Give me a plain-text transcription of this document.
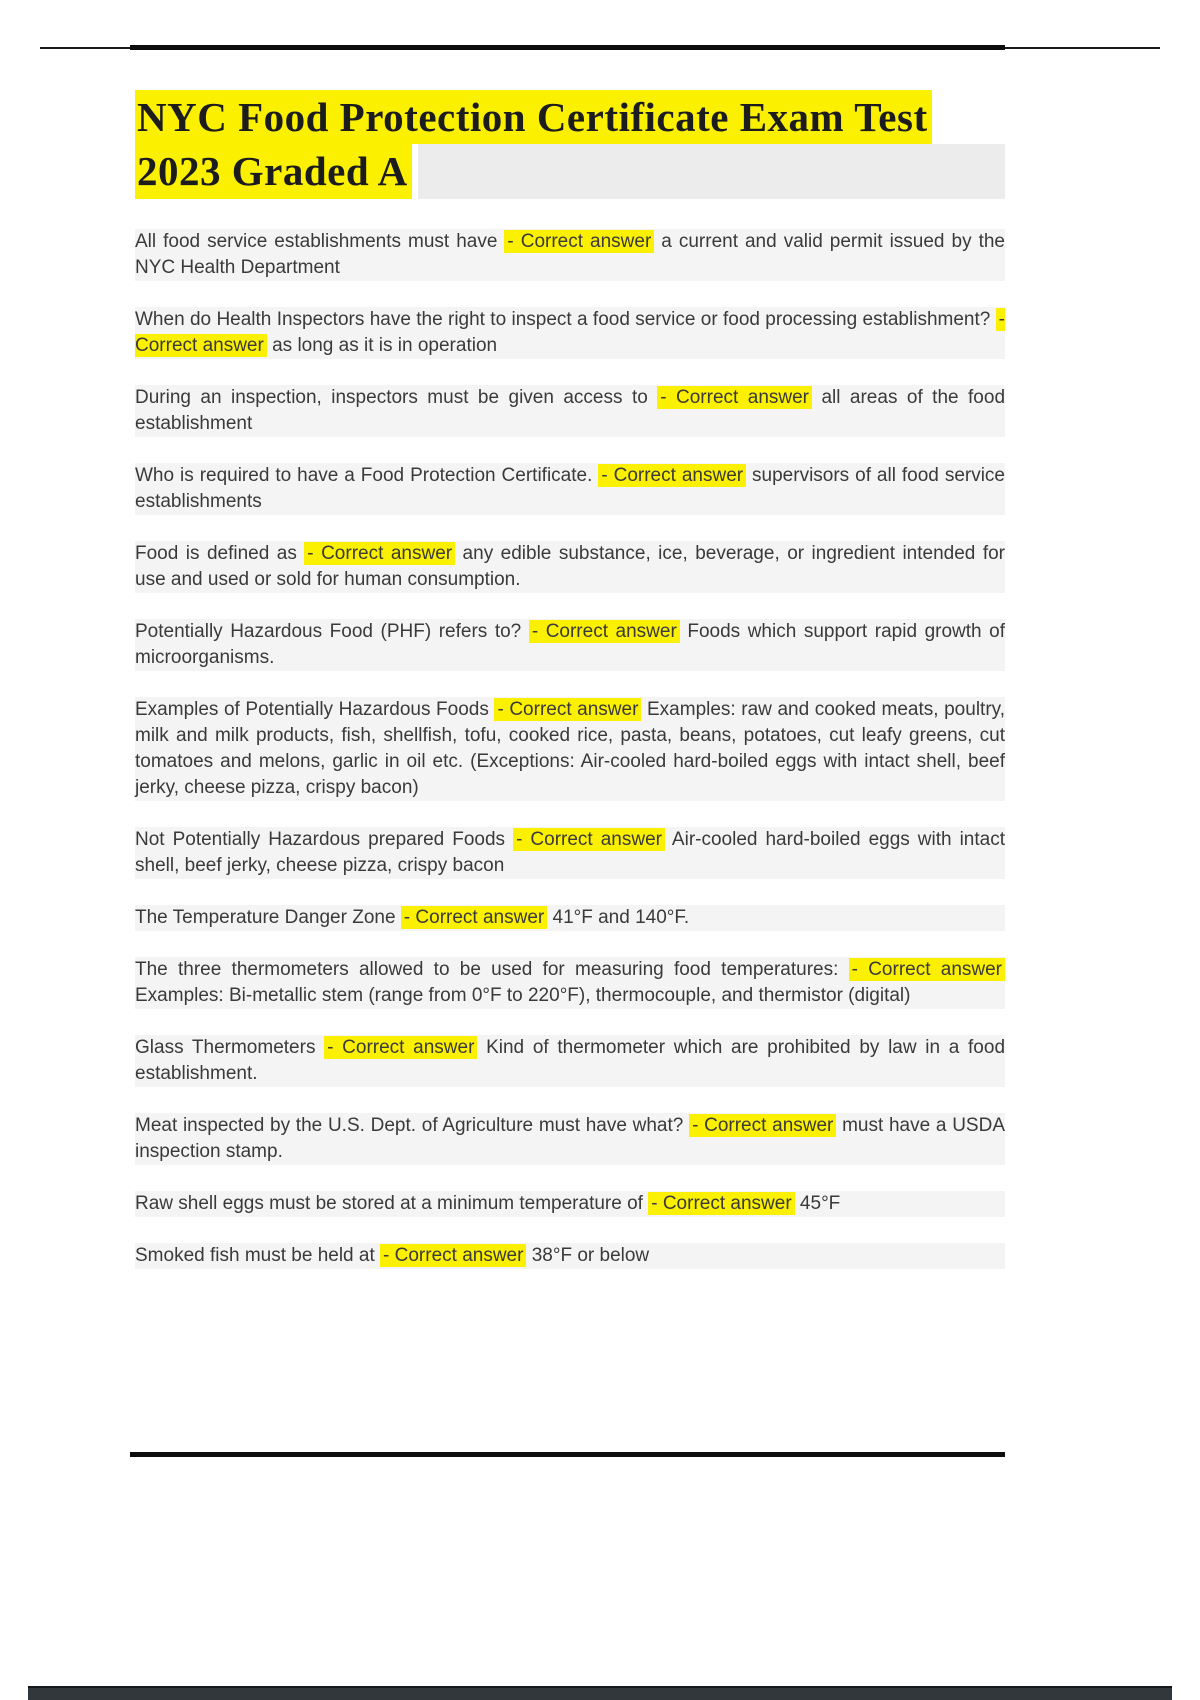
NYC Food Protection Certificate Exam Test
2023 Graded A

All food service establishments must have - Correct answer a current and valid permit issued by the NYC Health Department

When do Health Inspectors have the right to inspect a food service or food processing establishment? - Correct answer as long as it is in operation

During an inspection, inspectors must be given access to - Correct answer all areas of the food establishment

Who is required to have a Food Protection Certificate. - Correct answer supervisors of all food service establishments

Food is defined as - Correct answer any edible substance, ice, beverage, or ingredient intended for use and used or sold for human consumption.

Potentially Hazardous Food (PHF) refers to? - Correct answer Foods which support rapid growth of microorganisms.

Examples of Potentially Hazardous Foods - Correct answer Examples: raw and cooked meats, poultry, milk and milk products, fish, shellfish, tofu, cooked rice, pasta, beans, potatoes, cut leafy greens, cut tomatoes and melons, garlic in oil etc. (Exceptions: Air-cooled hard-boiled eggs with intact shell, beef jerky, cheese pizza, crispy bacon)

Not Potentially Hazardous prepared Foods - Correct answer Air-cooled hard-boiled eggs with intact shell, beef jerky, cheese pizza, crispy bacon

The Temperature Danger Zone - Correct answer 41°F and 140°F.

The three thermometers allowed to be used for measuring food temperatures: - Correct answer Examples: Bi-metallic stem (range from 0°F to 220°F), thermocouple, and thermistor (digital)

Glass Thermometers - Correct answer Kind of thermometer which are prohibited by law in a food establishment.

Meat inspected by the U.S. Dept. of Agriculture must have what? - Correct answer must have a USDA inspection stamp.

Raw shell eggs must be stored at a minimum temperature of - Correct answer 45°F

Smoked fish must be held at - Correct answer 38°F or below
